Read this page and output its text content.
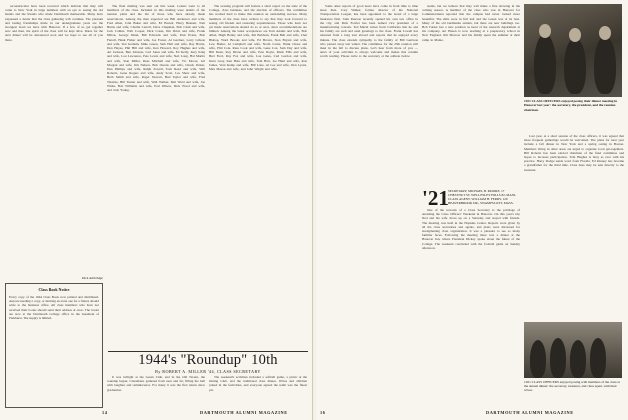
reconstruction have been received which indicate that they will come to New York in large numbers with an eye to seeing the old haunts and the friends who made Dartmouth memorable. Many have expressed a desire that the class gathering will continue. The pleasant and lasting friendships made in our undergraduate years are the strongest bond we have with Hanover. If a few of us get together now and then, the spirit of the class will be kept alive. Dates for the next dinner will be announced soon and we hope to see all of you there.

Dick Ashbridge
Class Book Notice
Every copy of the 1944 Class Book now printed and distributed. Anyone needing a copy, or desiring an extra one for a friend, should write to the business office. All class members who have not received their books should send their address at once. The books are now at the Dartmouth College office in the basement of Parkhurst. The supply is limited.

The final mailing was sent out this week. Letters went to all members of the class. Included in this mailing were details of the reunion plans and the list of those who have already made reservations. Among the men expected are Bill Anderson and wife, Fred Allen, John Baker and wife, Ed Barrett, Harry Bennett, Tom Burns and wife, Charlie Carroll, Dave Chapman, Bob Clark and wife, Jack Collins, Walt Cooper, Dick Crane, Jim Davis and wife, Frank Dillon, George Dunn, Bill Edwards and wife, Paul Evans, Bob Farrell, Hank Fisher and wife, Joe Foster, Al Gardner, Larry Gibson and wife, Ted Graham, Mike Green, Sam Hall and wife, Ray Harris, Don Hayes, Phil Hill and wife, Ken Howard, Roy Hughes and wife, Art Jackson, Ben Johnson, Carl Jones and wife, Ed Kelly, Jerry King and wife, Lou Lawrence, Pete Lewis and wife, Ned Long, Hal Martin and wife, Stan Miller, Russ Mitchell and wife, Vic Moore, Gil Morgan and wife, Jim Nelson, Bob Owens and wife, Chuck Parker, Dan Phillips and wife, Ralph Powell, Tom Reed and wife, Will Roberts, Gene Rogers and wife, Andy Scott, Les Shaw and wife, Herb Smith and wife, Roger Stewart, Bud Taylor and wife, Fred Thomas, Bill Turner and wife, Walt Walker, Mel Ward and wife, Joe White, Bob Williams and wife, Earl Wilson, Dick Wood and wife, and Jack Young.

The evening program will feature a short report on the state of the College, class business, and the election of officers. The committee has worked hard to make this reunion an outstanding success. Many members of the class have written to say that they look forward to seeing old friends and renewing acquaintances. Those who have not yet made reservations should do so at once, since accommodations are limited. Among the latest acceptances are Tom Adams and wife, Bob Allen, Hugh Bailey and wife, Jim Baldwin, Frank Bell and wife, Chet Bishop, Ward Brooks and wife, Ed Brown, Stan Bryant and wife, Lew Butler, Al Campbell and wife, Norm Carter, Hank Chase and wife, Phil Cole, Russ Cook and wife, Gene Cox, Sam Day and wife, Bill Dean, Roy Dixon and wife, Pete Doyle, Mark Ellis and wife, Bert Ford, Ray Fox and wife, Lou Gates, Carl Gordon and wife, Dave Gray, Ken Hale and wife, Tom Hart, Joe Hunt and wife, Ron James, Vern Kemp and wife, Bill Lane, Al Lee and wife, Don Lyons, Max Mason and wife, and John Wright and wife.

1944's "Roundup" 10th
By ROBERT A. MILLER '44, CLASS SECRETARY

It was twilight at the Green Club, and in the Old Tavern, the roundup began. Classmates gathered from near and far, filling the hall with laughter and reminiscence. For many it was the first return since graduation.

The weekend's activities included a softball game, a picnic at the Outing Club, and the traditional class dinner. Wives and children joined in the festivities, and everyone agreed the tenth was the finest yet.

14	DARTMOUTH ALUMNI MAGAZINE

Some other reports of good news have come in from time to time since then. Cary Walker, former director of the National Transportation League, has been appointed to the board of a large insurance firm. John Pearson recently opened his own law office in the city, and Dick Fowler has been named vice president of a manufacturing concern. Ted Marsh writes from California that he and his family are well and send greetings to the class. Frank Lowell has returned from a long tour abroad and reports that he enjoyed every minute. The class extends sympathy to the family of Bill Garrison who passed away last winter. The committee for the 25th reunion will meet in the fall to discuss plans. Let's hear from more of you — news of your activities is always welcome and makes this column worth reading. Please write to the secretary at the address below.

teams, but we believe that they will make a fine showing in the coming season. A member of the class who was in Hanover for Commencement reported that the campus had never looked more beautiful. The elms were in full leaf and the Green was at its best. Many of the old landmarks remain, but there are new buildings too. Bob Turner has a new position as head of the research department at his company. Art Hazen is now teaching at a preparatory school in New England. Jim Morrow and his family spent the summer at their camp in Maine.

1921 CLASS OFFICERS enjoyed posing their dinner meeting in Hanover last year: the secretary, the president, and the reunion chairman.

Last year, at a short session of the class officers, it was agreed that more frequent gatherings would be welcomed. The plans for next year include a fall dinner in New York and a spring outing in Boston. Members living in other areas are urged to organize local get-togethers. Bill Roberts has been elected chairman of the fund committee and hopes to increase participation. Tom Hughes is busy as ever with his practice. Harry Dodge sends word from Florida. Ed Kinney has become a grandfather for the third time. Class dues may be sent directly to the treasurer.

'21 SECRETARY, MICHAEL B. MOORE, 17 CHESTNUT ST. WELLESLEY HILLS 82, MASS. CLASS AGENT, WILLIAM H. FERRY, 120 BEAVERBROOK DR., SWAMPSCOTT, MASS.

One of the rewards of a Class Secretary is the privilege of attending the Class Officers' Weekend in Hanover. On this year's trip Ned and his wife drove up on a Saturday and stayed with friends. The meeting was held in the Hopkins Center. Reports were given by all the class secretaries and agents, and plans were discussed for strengthening class organization. It was a pleasure to see so many familiar faces. Following the meeting there was a dinner at the Hanover Inn, where President Dickey spoke about the future of the College. The weekend concluded with the football game on Sunday afternoon.

1921 CLASS OFFICERS enjoyed posing with members of the class at the annual dinner: the secretary, treasurer, and class agent, with their wives.
DARTMOUTH ALUMNI MAGAZINE
16
